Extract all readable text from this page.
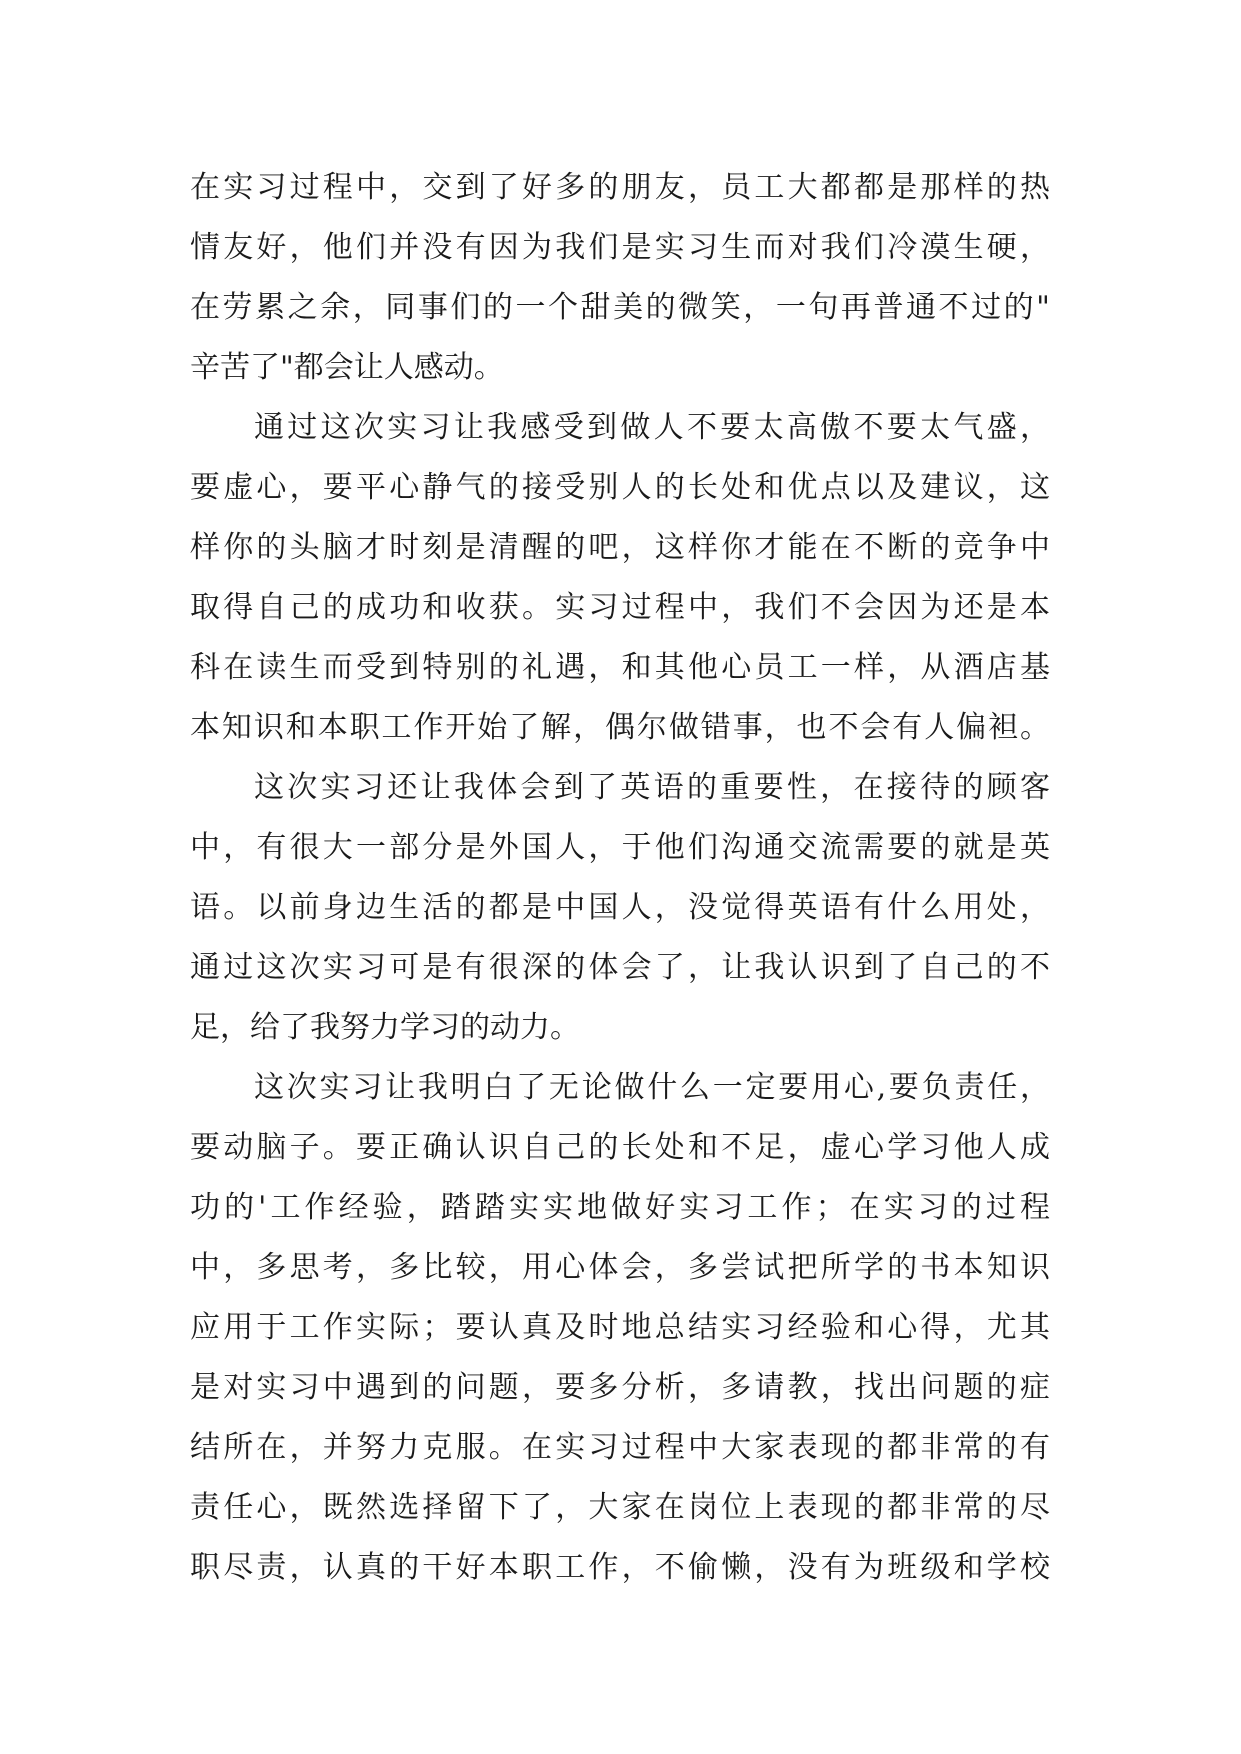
在实习过程中，交到了好多的朋友，员工大都都是那样的热
情友好，他们并没有因为我们是实习生而对我们冷漠生硬，
在劳累之余，同事们的一个甜美的微笑，一句再普通不过的"
辛苦了"都会让人感动。
通过这次实习让我感受到做人不要太高傲不要太气盛，
要虚心，要平心静气的接受别人的长处和优点以及建议，这
样你的头脑才时刻是清醒的吧，这样你才能在不断的竞争中
取得自己的成功和收获。实习过程中，我们不会因为还是本
科在读生而受到特别的礼遇，和其他心员工一样，从酒店基
本知识和本职工作开始了解，偶尔做错事，也不会有人偏袒。
这次实习还让我体会到了英语的重要性，在接待的顾客
中，有很大一部分是外国人，于他们沟通交流需要的就是英
语。以前身边生活的都是中国人，没觉得英语有什么用处，
通过这次实习可是有很深的体会了，让我认识到了自己的不
足，给了我努力学习的动力。
这次实习让我明白了无论做什么一定要用心,要负责任，
要动脑子。要正确认识自己的长处和不足，虚心学习他人成
功的'工作经验，踏踏实实地做好实习工作；在实习的过程
中，多思考，多比较，用心体会，多尝试把所学的书本知识
应用于工作实际；要认真及时地总结实习经验和心得，尤其
是对实习中遇到的问题，要多分析，多请教，找出问题的症
结所在，并努力克服。在实习过程中大家表现的都非常的有
责任心，既然选择留下了，大家在岗位上表现的都非常的尽
职尽责，认真的干好本职工作，不偷懒，没有为班级和学校
